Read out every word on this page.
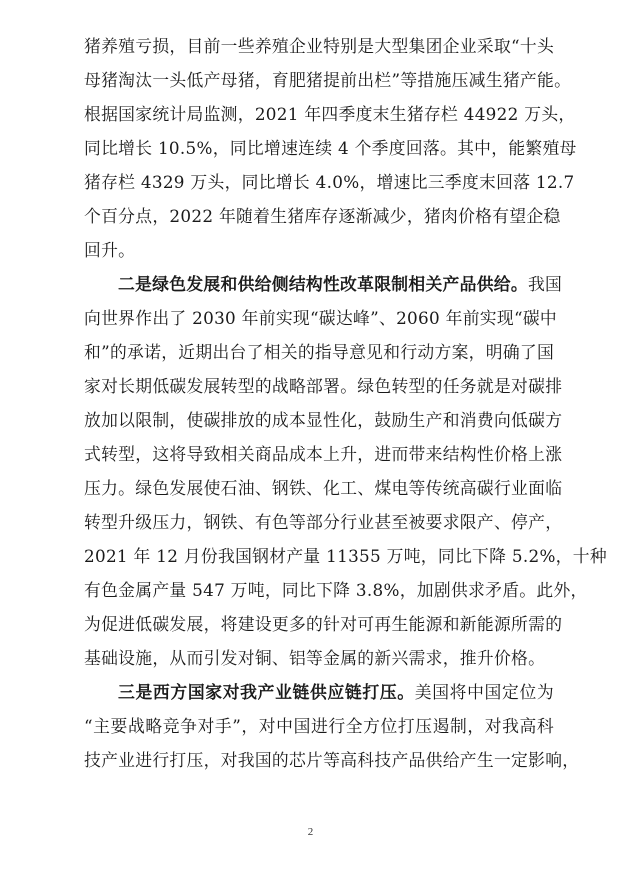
猪养殖亏损，目前一些养殖企业特别是大型集团企业采取“十头
母猪淘汰一头低产母猪，育肥猪提前出栏”等措施压减生猪产能。
根据国家统计局监测，2021 年四季度末生猪存栏 44922 万头，
同比增长 10.5%，同比增速连续 4 个季度回落。其中，能繁殖母
猪存栏 4329 万头，同比增长 4.0%，增速比三季度末回落 12.7
个百分点，2022 年随着生猪库存逐渐减少，猪肉价格有望企稳
回升。
二是绿色发展和供给侧结构性改革限制相关产品供给。我国
向世界作出了 2030 年前实现“碳达峰”、2060 年前实现“碳中
和”的承诺，近期出台了相关的指导意见和行动方案，明确了国
家对长期低碳发展转型的战略部署。绿色转型的任务就是对碳排
放加以限制，使碳排放的成本显性化，鼓励生产和消费向低碳方
式转型，这将导致相关商品成本上升，进而带来结构性价格上涨
压力。绿色发展使石油、钢铁、化工、煤电等传统高碳行业面临
转型升级压力，钢铁、有色等部分行业甚至被要求限产、停产，
2021 年 12 月份我国钢材产量 11355 万吨，同比下降 5.2%，十种
有色金属产量 547 万吨，同比下降 3.8%，加剧供求矛盾。此外，
为促进低碳发展，将建设更多的针对可再生能源和新能源所需的
基础设施，从而引发对铜、铝等金属的新兴需求，推升价格。
三是西方国家对我产业链供应链打压。美国将中国定位为
“主要战略竞争对手”，对中国进行全方位打压遏制，对我高科
技产业进行打压，对我国的芯片等高科技产品供给产生一定影响，
2
